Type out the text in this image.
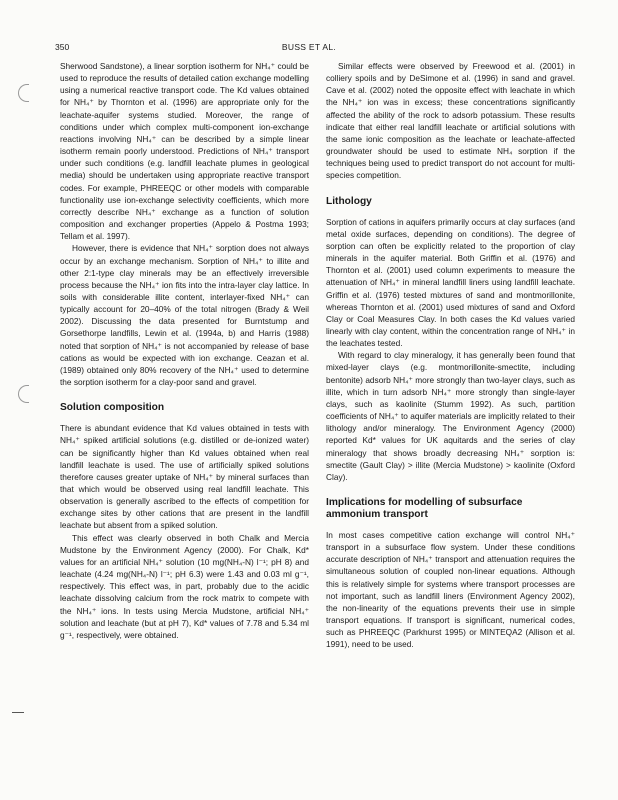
350	BUSS ET AL.

Sherwood Sandstone), a linear sorption isotherm for NH₄⁺ could be used to reproduce the results of detailed cation exchange modelling using a numerical reactive transport code. The Kd values obtained for NH₄⁺ by Thornton et al. (1996) are appropriate only for the leachate-aquifer systems studied. Moreover, the range of conditions under which complex multi-component ion-exchange reactions involving NH₄⁺ can be described by a simple linear isotherm remain poorly understood. Predictions of NH₄⁺ transport under such conditions (e.g. landfill leachate plumes in geological media) should be undertaken using appropriate reactive transport codes. For example, PHREEQC or other models with comparable functionality use ion-exchange selectivity coefficients, which more correctly describe NH₄⁺ exchange as a function of solution composition and exchanger properties (Appelo & Postma 1993; Tellam et al. 1997).

However, there is evidence that NH₄⁺ sorption does not always occur by an exchange mechanism. Sorption of NH₄⁺ to illite and other 2:1-type clay minerals may be an effectively irreversible process because the NH₄⁺ ion fits into the intra-layer clay lattice. In soils with considerable illite content, interlayer-fixed NH₄⁺ can typically account for 20–40% of the total nitrogen (Brady & Weil 2002). Discussing the data presented for Burntstump and Gorsethorpe landfills, Lewin et al. (1994a, b) and Harris (1988) noted that sorption of NH₄⁺ is not accompanied by release of base cations as would be expected with ion exchange. Ceazan et al. (1989) obtained only 80% recovery of the NH₄⁺ used to determine the sorption isotherm for a clay-poor sand and gravel.

Solution composition

There is abundant evidence that Kd values obtained in tests with NH₄⁺ spiked artificial solutions (e.g. distilled or de-ionized water) can be significantly higher than Kd values obtained when real landfill leachate is used. The use of artificially spiked solutions therefore causes greater uptake of NH₄⁺ by mineral surfaces than that which would be observed using real landfill leachate. This observation is generally ascribed to the effects of competition for exchange sites by other cations that are present in the landfill leachate but absent from a spiked solution.

This effect was clearly observed in both Chalk and Mercia Mudstone by the Environment Agency (2000). For Chalk, Kd* values for an artificial NH₄⁺ solution (10 mg(NH₄-N) l⁻¹; pH 8) and leachate (4.24 mg(NH₄-N) l⁻¹; pH 6.3) were 1.43 and 0.03 ml g⁻¹, respectively. This effect was, in part, probably due to the acidic leachate dissolving calcium from the rock matrix to compete with the NH₄⁺ ions. In tests using Mercia Mudstone, artificial NH₄⁺ solution and leachate (but at pH 7), Kd* values of 7.78 and 5.34 ml g⁻¹, respectively, were obtained.

Similar effects were observed by Freewood et al. (2001) in colliery spoils and by DeSimone et al. (1996) in sand and gravel. Cave et al. (2002) noted the opposite effect with leachate in which the NH₄⁺ ion was in excess; these concentrations significantly affected the ability of the rock to adsorb potassium. These results indicate that either real landfill leachate or artificial solutions with the same ionic composition as the leachate or leachate-affected groundwater should be used to estimate NH₄ sorption if the techniques being used to predict transport do not account for multi-species competition.

Lithology

Sorption of cations in aquifers primarily occurs at clay surfaces (and metal oxide surfaces, depending on conditions). The degree of sorption can often be explicitly related to the proportion of clay minerals in the aquifer material. Both Griffin et al. (1976) and Thornton et al. (2001) used column experiments to measure the attenuation of NH₄⁺ in mineral landfill liners using landfill leachate. Griffin et al. (1976) tested mixtures of sand and montmorillonite, whereas Thornton et al. (2001) used mixtures of sand and Oxford Clay or Coal Measures Clay. In both cases the Kd values varied linearly with clay content, within the concentration range of NH₄⁺ in the leachates tested.

With regard to clay mineralogy, it has generally been found that mixed-layer clays (e.g. montmorillonite-smectite, including bentonite) adsorb NH₄⁺ more strongly than two-layer clays, such as illite, which in turn adsorb NH₄⁺ more strongly than single-layer clays, such as kaolinite (Stumm 1992). As such, partition coefficients of NH₄⁺ to aquifer materials are implicitly related to their lithology and/or mineralogy. The Environment Agency (2000) reported Kd* values for UK aquitards and the series of clay mineralogy that shows broadly decreasing NH₄⁺ sorption is: smectite (Gault Clay) > illite (Mercia Mudstone) > kaolinite (Oxford Clay).

Implications for modelling of subsurface ammonium transport

In most cases competitive cation exchange will control NH₄⁺ transport in a subsurface flow system. Under these conditions accurate description of NH₄⁺ transport and attenuation requires the simultaneous solution of coupled non-linear equations. Although this is relatively simple for systems where transport processes are not important, such as landfill liners (Environment Agency 2002), the non-linearity of the equations prevents their use in simple transport equations. If transport is significant, numerical codes, such as PHREEQC (Parkhurst 1995) or MINTEQA2 (Allison et al. 1991), need to be used.
